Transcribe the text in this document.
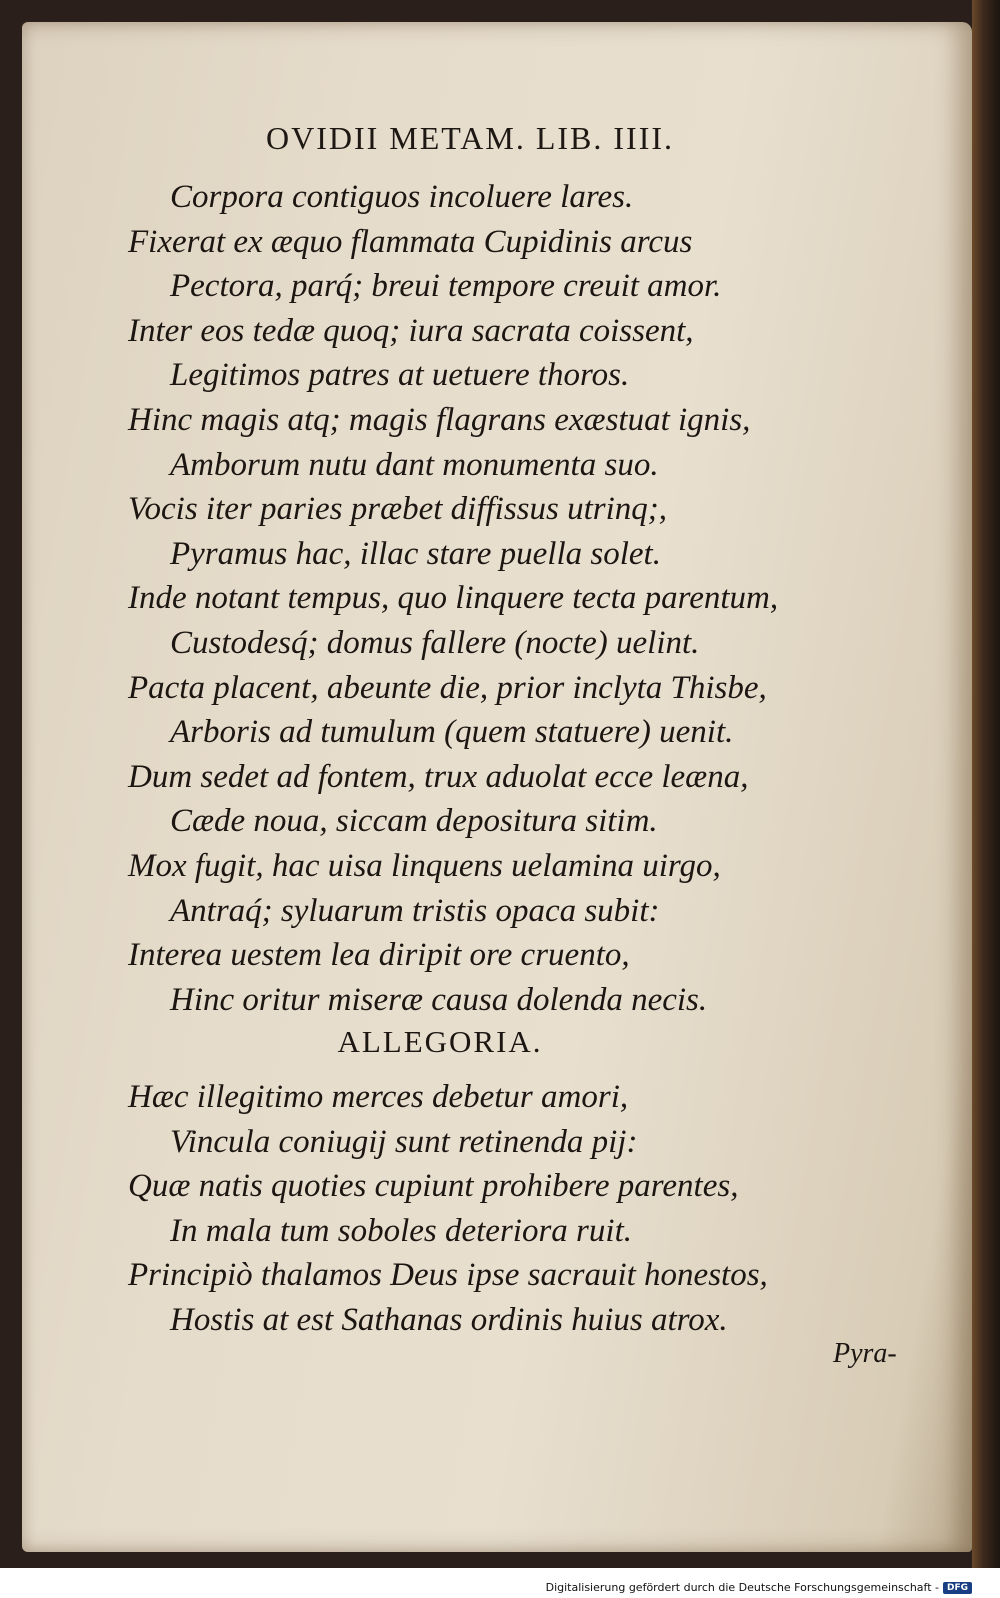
OVIDII METAM. LIB. IIII.
Corpora contiguos incoluere lares.
Fixerat ex æquo flammata Cupidinis arcus
Pectora, parq́; breui tempore creuit amor.
Inter eos tedæ quoq; iura sacrata coissent,
Legitimos patres at uetuere thoros.
Hinc magis atq; magis flagrans exæstuat ignis,
Amborum nutu dant monumenta suo.
Vocis iter paries præbet diffissus utrinq;,
Pyramus hac, illac stare puella solet.
Inde notant tempus, quo linquere tecta parentum,
Custodesq́; domus fallere (nocte) uelint.
Pacta placent, abeunte die, prior inclyta Thisbe,
Arboris ad tumulum (quem statuere) uenit.
Dum sedet ad fontem, trux aduolat ecce leæna,
Cæde noua, siccam depositura sitim.
Mox fugit, hac uisa linquens uelamina uirgo,
Antraq́; syluarum tristis opaca subit:
Interea uestem lea diripit ore cruento,
Hinc oritur miseræ causa dolenda necis.
ALLEGORIA.
Hæc illegitimo merces debetur amori,
Vincula coniugij sunt retinenda pij:
Quæ natis quoties cupiunt prohibere parentes,
In mala tum soboles deteriora ruit.
Principiò thalamos Deus ipse sacrauit honestos,
Hostis at est Sathanas ordinis huius atrox.
Pyra-
Digitalisierung gefördert durch die Deutsche Forschungsgemeinschaft - DFG
